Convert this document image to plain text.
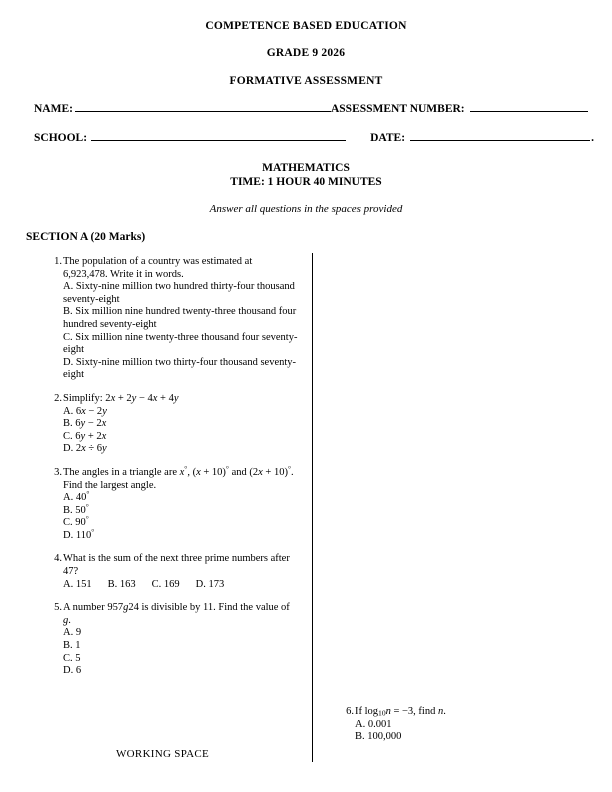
COMPETENCE BASED EDUCATION
GRADE 9 2026
FORMATIVE ASSESSMENT
NAME:	ASSESSMENT NUMBER:
SCHOOL:	DATE:	.
MATHEMATICS
TIME: 1 HOUR 40 MINUTES
Answer all questions in the spaces provided
SECTION A (20 Marks)
1. The population of a country was estimated at 6,923,478. Write it in words.
A. Sixty-nine million two hundred thirty-four thousand seventy-eight
B. Six million nine hundred twenty-three thousand four hundred seventy-eight
C. Six million nine twenty-three thousand four seventy-eight
D. Sixty-nine million two thirty-four thousand seventy-eight
2. Simplify: 2x + 2y − 4x + 4y
A. 6x − 2y
B. 6y − 2x
C. 6y + 2x
D. 2x ÷ 6y
3. The angles in a triangle are x°, (x + 10)° and (2x + 10)°. Find the largest angle.
A. 40°
B. 50°
C. 90°
D. 110°
4. What is the sum of the next three prime numbers after 47?
A. 151 B. 163 C. 169 D. 173
5. A number 957g24 is divisible by 11. Find the value of g.
A. 9
B. 1
C. 5
D. 6
6. If $\log_{10}n = -3$, find n.
A. 0.001
B. 100,000
WORKING SPACE
